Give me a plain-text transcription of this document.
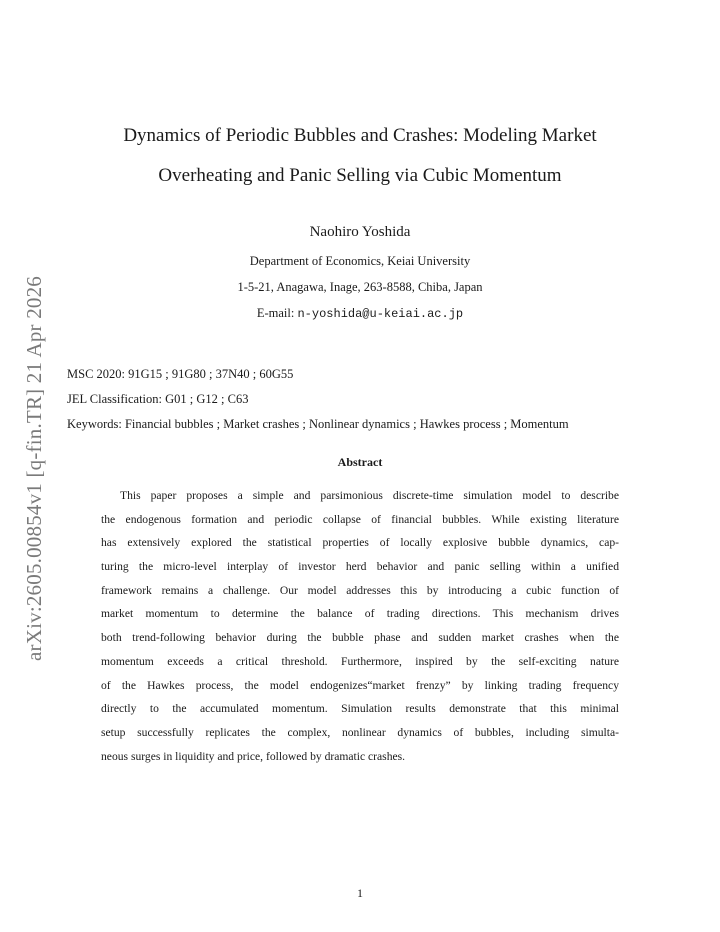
arXiv:2605.00854v1 [q-fin.TR] 21 Apr 2026
Dynamics of Periodic Bubbles and Crashes: Modeling Market
Overheating and Panic Selling via Cubic Momentum
Naohiro Yoshida
Department of Economics, Keiai University
1-5-21, Anagawa, Inage, 263-8588, Chiba, Japan
E-mail: n-yoshida@u-keiai.ac.jp
MSC 2020: 91G15 ; 91G80 ; 37N40 ; 60G55
JEL Classification: G01 ; G12 ; C63
Keywords: Financial bubbles ; Market crashes ; Nonlinear dynamics ; Hawkes process ; Momentum
Abstract
This paper proposes a simple and parsimonious discrete-time simulation model to describe
the endogenous formation and periodic collapse of financial bubbles. While existing literature
has extensively explored the statistical properties of locally explosive bubble dynamics, cap-
turing the micro-level interplay of investor herd behavior and panic selling within a unified
framework remains a challenge. Our model addresses this by introducing a cubic function of
market momentum to determine the balance of trading directions. This mechanism drives
both trend-following behavior during the bubble phase and sudden market crashes when the
momentum exceeds a critical threshold. Furthermore, inspired by the self-exciting nature
of the Hawkes process, the model endogenizes“market frenzy” by linking trading frequency
directly to the accumulated momentum. Simulation results demonstrate that this minimal
setup successfully replicates the complex, nonlinear dynamics of bubbles, including simulta-
neous surges in liquidity and price, followed by dramatic crashes.
1
